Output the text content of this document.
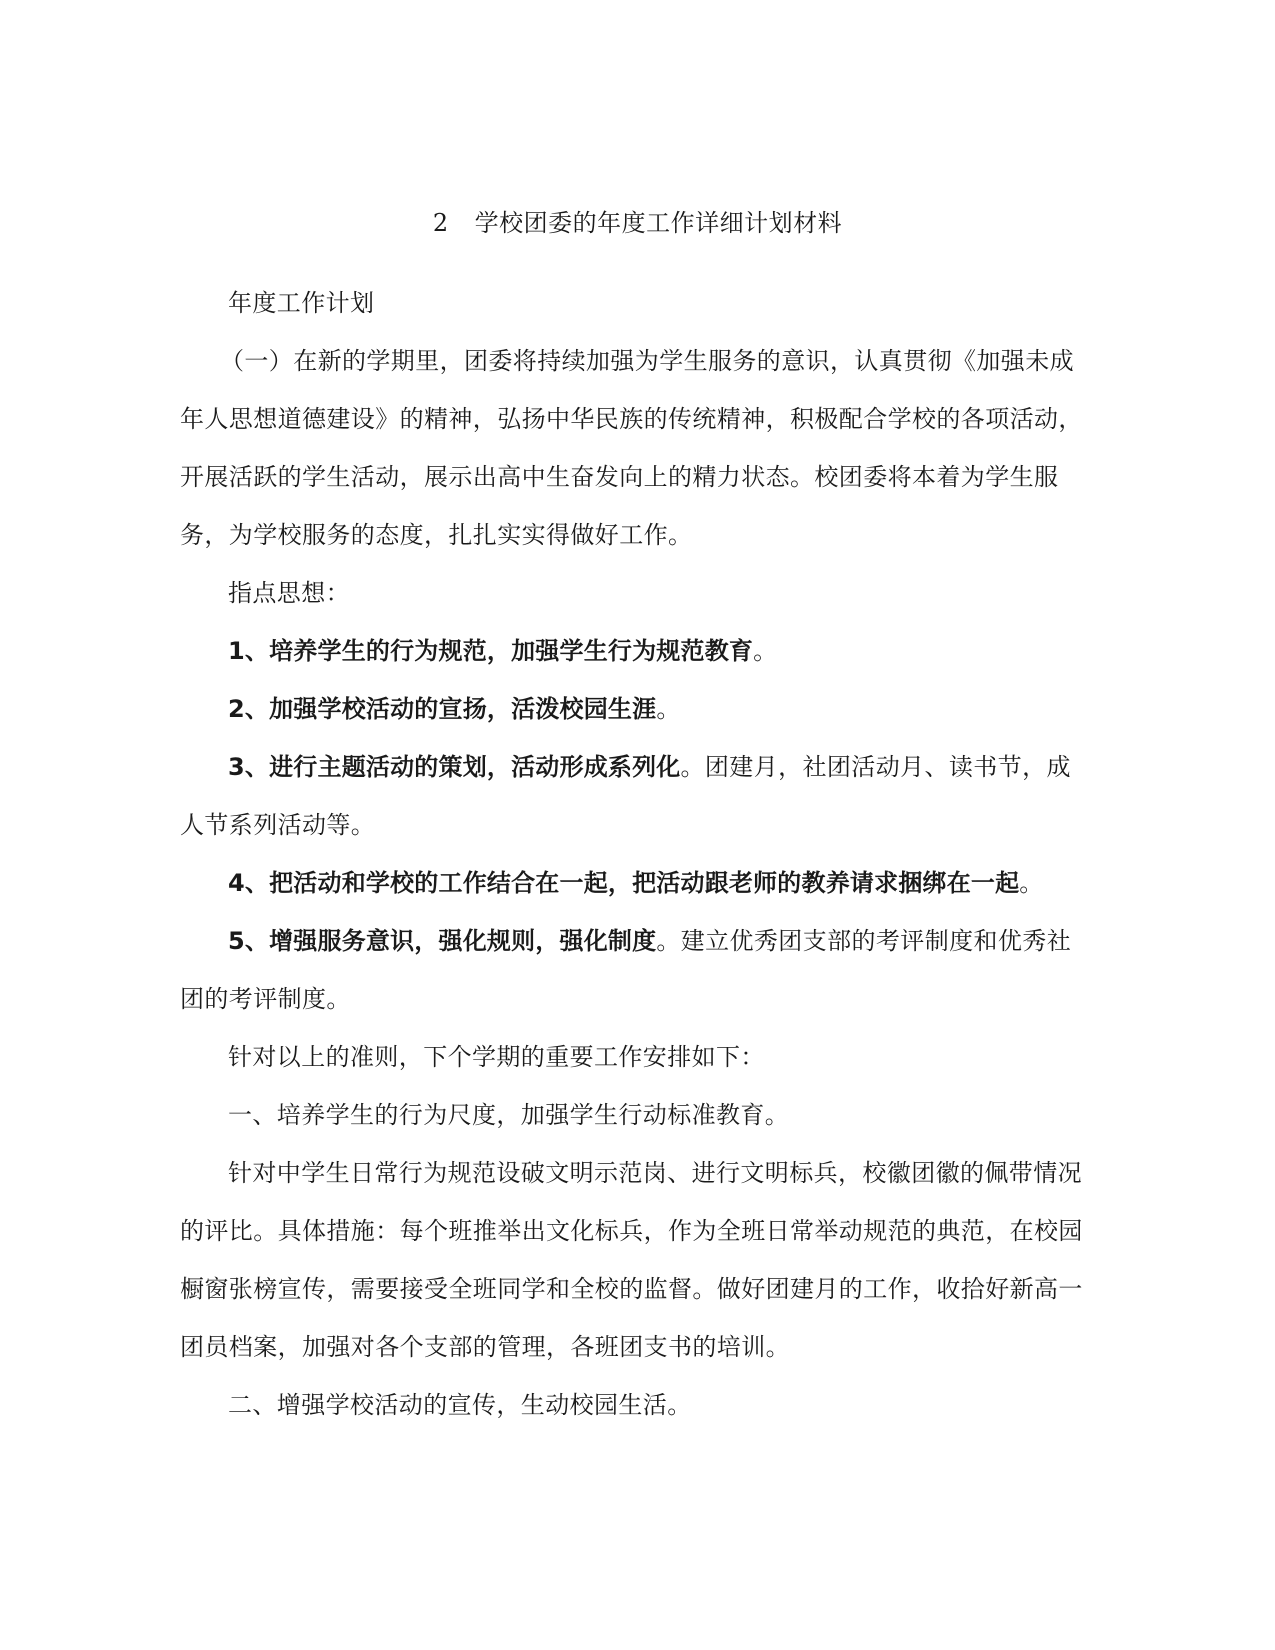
2 学校团委的年度工作详细计划材料

年度工作计划

（一）在新的学期里，团委将持续加强为学生服务的意识，认真贯彻《加强未成年人思想道德建设》的精神，弘扬中华民族的传统精神，积极配合学校的各项活动，开展活跃的学生活动，展示出高中生奋发向上的精力状态。校团委将本着为学生服务，为学校服务的态度，扎扎实实得做好工作。

指点思想：

1、培养学生的行为规范，加强学生行为规范教育。

2、加强学校活动的宣扬，活泼校园生涯。

3、进行主题活动的策划，活动形成系列化。团建月，社团活动月、读书节，成人节系列活动等。

4、把活动和学校的工作结合在一起，把活动跟老师的教养请求捆绑在一起。

5、增强服务意识，强化规则，强化制度。建立优秀团支部的考评制度和优秀社团的考评制度。

针对以上的准则，下个学期的重要工作安排如下：

一、培养学生的行为尺度，加强学生行动标准教育。

针对中学生日常行为规范设破文明示范岗、进行文明标兵，校徽团徽的佩带情况的评比。具体措施：每个班推举出文化标兵，作为全班日常举动规范的典范，在校园橱窗张榜宣传，需要接受全班同学和全校的监督。做好团建月的工作，收拾好新高一团员档案，加强对各个支部的管理，各班团支书的培训。

二、增强学校活动的宣传，生动校园生活。
